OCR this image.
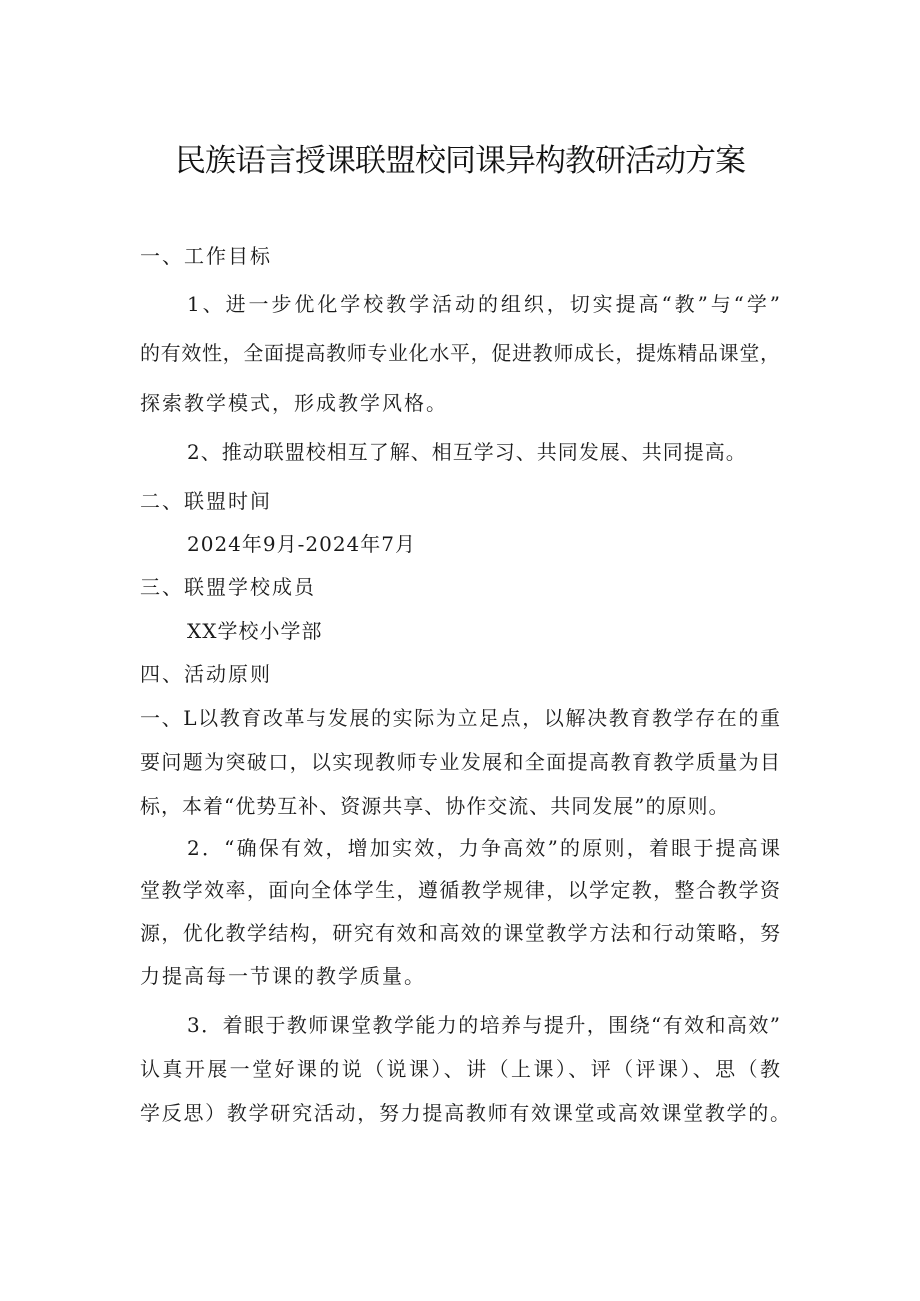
民族语言授课联盟校同课异构教研活动方案
一、工作目标
1、进一步优化学校教学活动的组织，切实提高“教”与“学”
的有效性，全面提高教师专业化水平，促进教师成长，提炼精品课堂，
探索教学模式，形成教学风格。
2、推动联盟校相互了解、相互学习、共同发展、共同提高。
二、联盟时间
2024年9月-2024年7月
三、联盟学校成员
XX学校小学部
四、活动原则
一、L以教育改革与发展的实际为立足点，以解决教育教学存在的重
要问题为突破口，以实现教师专业发展和全面提高教育教学质量为目
标，本着“优势互补、资源共享、协作交流、共同发展”的原则。
2．“确保有效，增加实效，力争高效”的原则，着眼于提高课
堂教学效率，面向全体学生，遵循教学规律，以学定教，整合教学资
源，优化教学结构，研究有效和高效的课堂教学方法和行动策略，努
力提高每一节课的教学质量。
3．着眼于教师课堂教学能力的培养与提升，围绕“有效和高效”
认真开展一堂好课的说（说课）、讲（上课）、评（评课）、思（教
学反思）教学研究活动，努力提高教师有效课堂或高效课堂教学的。
